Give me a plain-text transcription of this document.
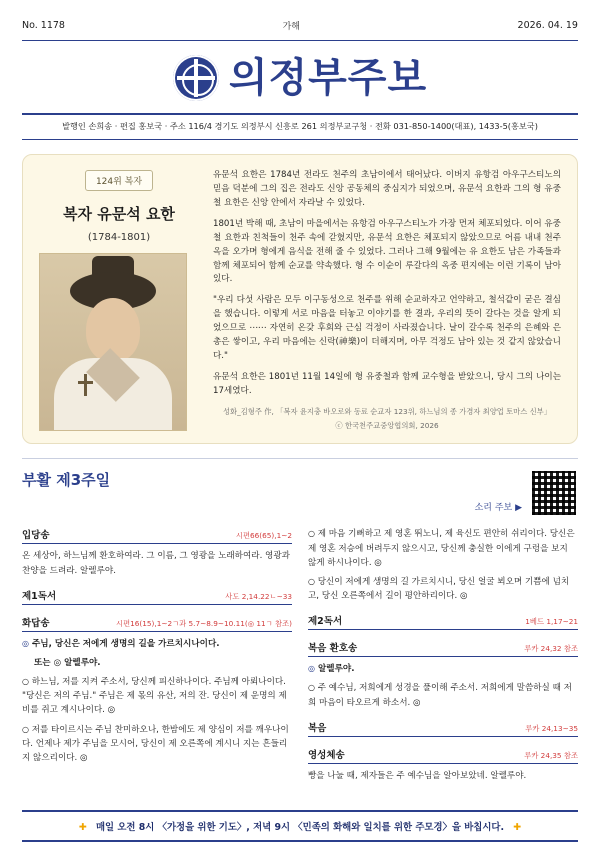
No. 1178	가해	2026. 04. 19
의정부주보
발행인 손희송 · 편집 홍보국 · 주소 116/4 경기도 의정부시 신흥로 261 의정부교구청 · 전화 031-850-1400(대표), 1433-5(홍보국)
124위 복자
복자 유문석 요한
(1784-1801)

유문석 요한은 1784년 전라도 천주의 초남이에서 태어났다. 이버지 유항검 아우구스티노의 믿음 덕분에 그의 집은 전라도 신앙 공동체의 중심지가 되었으며, 유문석 요한과 그의 형 유중철 요한은 신앙 안에서 자라날 수 있었다.

1801년 박해 때, 초남이 마을에서는 유항검 아우구스티노가 가장 먼저 체포되었다. 이어 유중철 요한과 친척들이 천주 속에 갇혔지만, 유문석 요한은 체포되지 않았으므로 어름 내내 천주 옥을 오가며 형에게 음식을 전해 줄 수 있었다. 그러나 그해 9월에는 유 요한도 남은 가족들과 함께 체포되어 함께 순교를 약속했다. 형 수 이순이 루갈다의 옥중 편지에는 이런 기록이 남아 있다.

"우리 다섯 사람은 모두 이구동성으로 천주를 위해 순교하자고 언약하고, 철석같이 굳은 결심을 했습니다. 이렇게 서로 마음을 터놓고 이야기를 한 결과, 우리의 뜻이 갈다는 것을 알게 되었으므로 ⋯⋯ 자연히 온갖 후회와 근심 걱정이 사라졌습니다. 날이 갈수록 천주의 은혜와 은총은 쌓이고, 우리 마음에는 신락(神樂)이 더해지며, 아무 걱정도 남아 있는 것 같지 않았습니다."

유문석 요한은 1801년 11월 14일에 형 유중철과 함께 교수형을 받았으니, 당시 그의 나이는 17세였다.

성화_김형주 作, 「복자 윤지충 바오로와 동료 순교자 123위, 하느님의 종 가경자 최양업 토마스 신부」
ⓒ 한국천주교중앙협의회, 2026
부활 제3주일
소리 주보 ▶
입당송	시편66(65),1~2

온 세상아, 하느님께 환호하여라. 그 이름, 그 영광을 노래하여라. 영광과 찬양을 드려라. 알렐루야.

제1독서	사도 2,14.22ㄴ~33
화답송	시편16(15),1~2ㄱ과 5.7~8.9~10.11(◎ 11ㄱ 참조)

◎ 주님, 당신은 저에게 생명의 길을 가르치시나이다.

또는 ◎ 알렐루야.

○ 하느님, 저를 지켜 주소서, 당신께 피신하나이다. 주님께 아뢰나이다. "당신은 저의 주님." 주님은 제 몫의 유산, 저의 잔. 당신이 제 운명의 제비를 쥐고 계시나이다. ◎

○ 저를 타이르시는 주님 찬미하오나, 한밤에도 제 양심이 저를 깨우나이다. 언제나 제가 주님을 모시어, 당신이 제 오른쪽에 계시니 지는 흔들리지 않으리이다. ◎

○ 제 마음 기뻐하고 제 영혼 뛰노니, 제 육신도 편안히 쉬리이다. 당신은 제 영혼 저승에 버려두지 않으시고, 당신께 충실한 이에게 구렁을 보지 않게 하시나이다. ◎

○ 당신이 저에게 생명의 길 가르치시니, 당신 얼굴 뵈오며 기쁨에 넘치고, 당신 오른쪽에서 길이 평안하리이다. ◎

제2독서	1베드 1,17~21
복음 환호송	루카 24,32 참조

◎ 알렐루야.

○ 주 예수님, 저희에게 성경을 풀이해 주소서. 저희에게 말씀하실 때 저희 마음이 타오르게 하소서. ◎

복음	루카 24,13~35
영성체송	루카 24,35 참조

빵을 나눌 때, 제자들은 주 예수님을 알아보았네. 알렐루야.

✚ 매일 오전 8시 〈가정을 위한 기도〉, 저녁 9시 〈민족의 화해와 일치를 위한 주모경〉을 바칩시다. ✚
